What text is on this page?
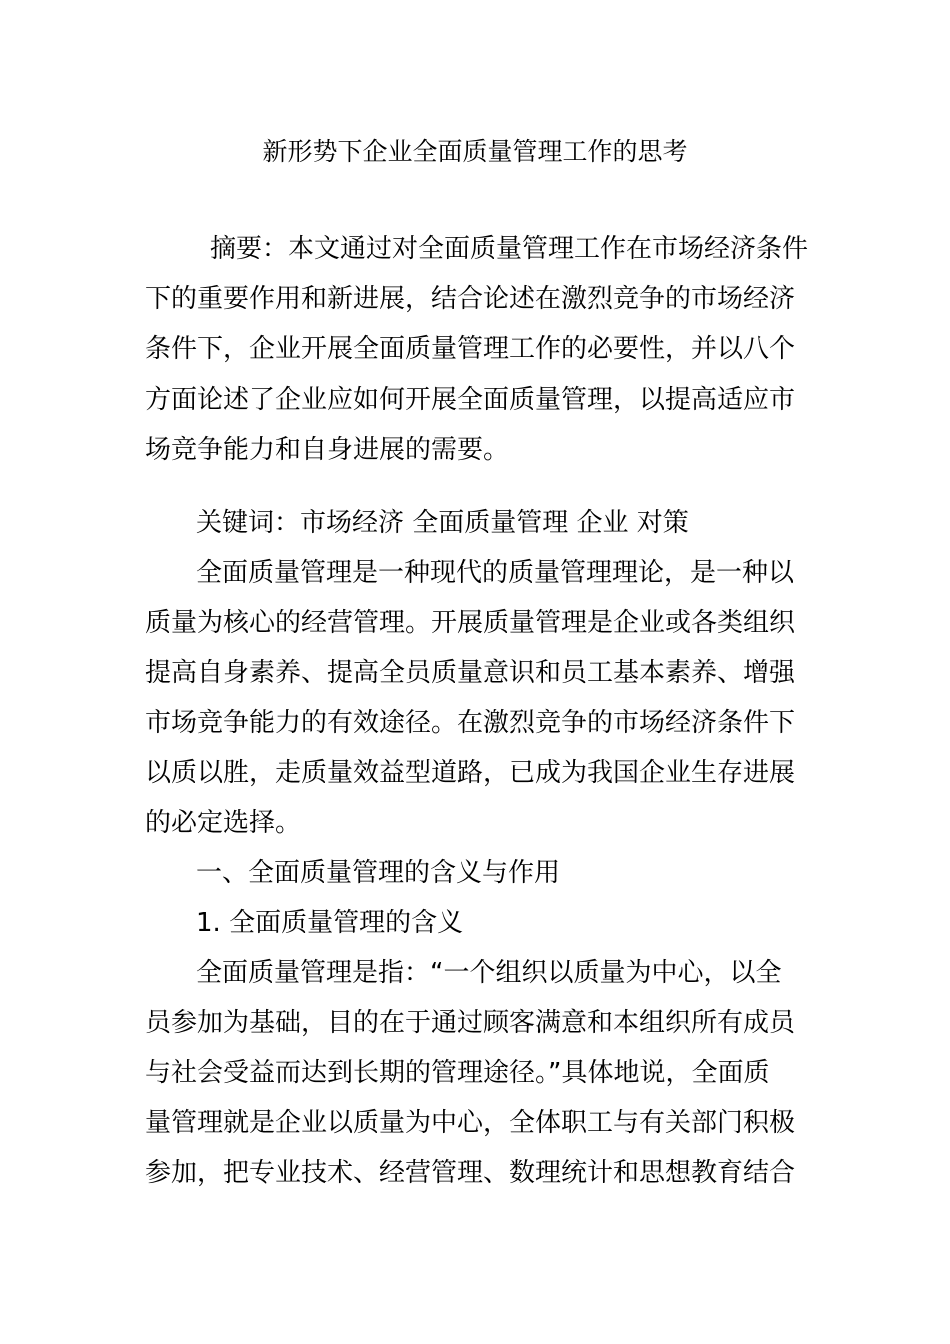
新形势下企业全面质量管理工作的思考
摘要：本文通过对全面质量管理工作在市场经济条件
下的重要作用和新进展，结合论述在激烈竞争的市场经济
条件下，企业开展全面质量管理工作的必要性，并以八个
方面论述了企业应如何开展全面质量管理，以提高适应市
场竞争能力和自身进展的需要。
关键词：市场经济 全面质量管理 企业 对策
全面质量管理是一种现代的质量管理理论，是一种以
质量为核心的经营管理。开展质量管理是企业或各类组织
提高自身素养、提高全员质量意识和员工基本素养、增强
市场竞争能力的有效途径。在激烈竞争的市场经济条件下
以质以胜，走质量效益型道路，已成为我国企业生存进展
的必定选择。
一、全面质量管理的含义与作用
1. 全面质量管理的含义
全面质量管理是指：“一个组织以质量为中心，以全
员参加为基础，目的在于通过顾客满意和本组织所有成员
与社会受益而达到长期的管理途径。”具体地说，全面质
量管理就是企业以质量为中心，全体职工与有关部门积极
参加，把专业技术、经营管理、数理统计和思想教育结合
